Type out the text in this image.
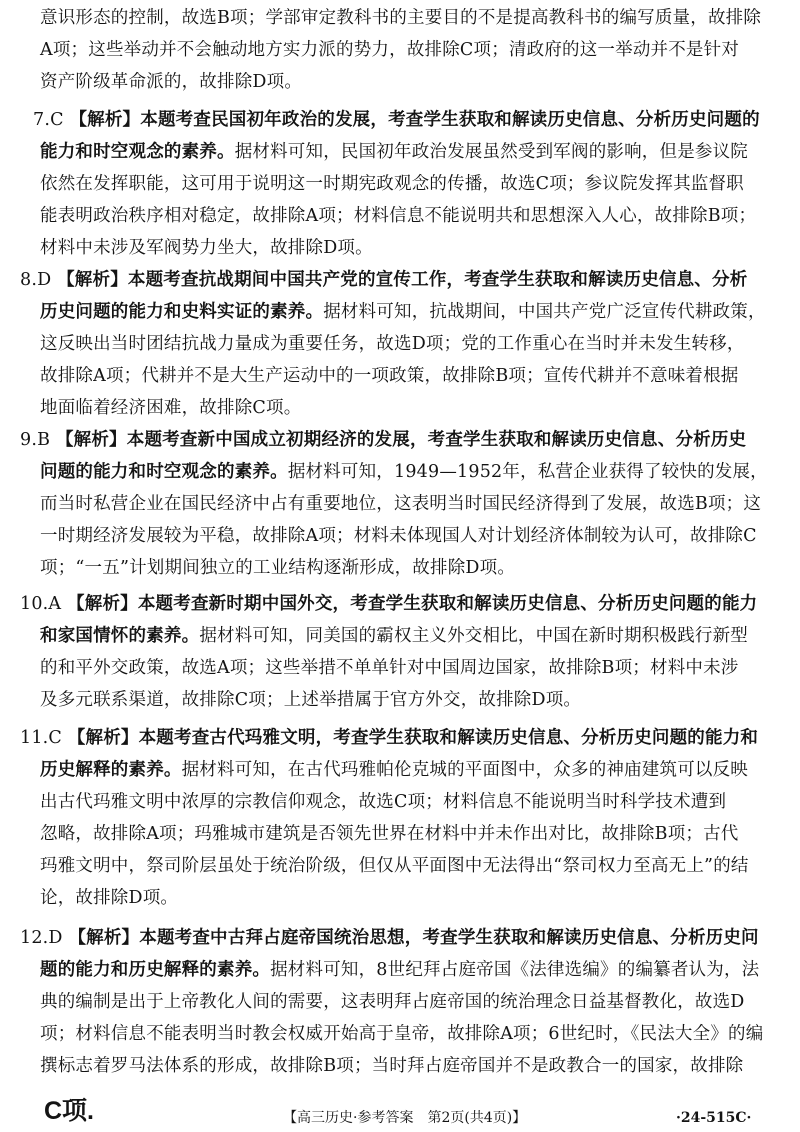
意识形态的控制，故选B项；学部审定教科书的主要目的不是提高教科书的编写质量，故排除
A项；这些举动并不会触动地方实力派的势力，故排除C项；清政府的这一举动并不是针对
资产阶级革命派的，故排除D项。
7.C 【解析】本题考查民国初年政治的发展，考查学生获取和解读历史信息、分析历史问题的
能力和时空观念的素养。据材料可知，民国初年政治发展虽然受到军阀的影响，但是参议院
依然在发挥职能，这可用于说明这一时期宪政观念的传播，故选C项；参议院发挥其监督职
能表明政治秩序相对稳定，故排除A项；材料信息不能说明共和思想深入人心，故排除B项；
材料中未涉及军阀势力坐大，故排除D项。
8.D 【解析】本题考查抗战期间中国共产党的宣传工作，考查学生获取和解读历史信息、分析
历史问题的能力和史料实证的素养。据材料可知，抗战期间，中国共产党广泛宣传代耕政策，
这反映出当时团结抗战力量成为重要任务，故选D项；党的工作重心在当时并未发生转移，
故排除A项；代耕并不是大生产运动中的一项政策，故排除B项；宣传代耕并不意味着根据
地面临着经济困难，故排除C项。
9.B 【解析】本题考查新中国成立初期经济的发展，考查学生获取和解读历史信息、分析历史
问题的能力和时空观念的素养。据材料可知，1949—1952年，私营企业获得了较快的发展，
而当时私营企业在国民经济中占有重要地位，这表明当时国民经济得到了发展，故选B项；这
一时期经济发展较为平稳，故排除A项；材料未体现国人对计划经济体制较为认可，故排除C
项；“一五”计划期间独立的工业结构逐渐形成，故排除D项。
10.A 【解析】本题考查新时期中国外交，考查学生获取和解读历史信息、分析历史问题的能力
和家国情怀的素养。据材料可知，同美国的霸权主义外交相比，中国在新时期积极践行新型
的和平外交政策，故选A项；这些举措不单单针对中国周边国家，故排除B项；材料中未涉
及多元联系渠道，故排除C项；上述举措属于官方外交，故排除D项。
11.C 【解析】本题考查古代玛雅文明，考查学生获取和解读历史信息、分析历史问题的能力和
历史解释的素养。据材料可知，在古代玛雅帕伦克城的平面图中，众多的神庙建筑可以反映
出古代玛雅文明中浓厚的宗教信仰观念，故选C项；材料信息不能说明当时科学技术遭到
忽略，故排除A项；玛雅城市建筑是否领先世界在材料中并未作出对比，故排除B项；古代
玛雅文明中，祭司阶层虽处于统治阶级，但仅从平面图中无法得出“祭司权力至高无上”的结
论，故排除D项。
12.D 【解析】本题考查中古拜占庭帝国统治思想，考查学生获取和解读历史信息、分析历史问
题的能力和历史解释的素养。据材料可知，8世纪拜占庭帝国《法律选编》的编纂者认为，法
典的编制是出于上帝教化人间的需要，这表明拜占庭帝国的统治理念日益基督教化，故选D
项；材料信息不能表明当时教会权威开始高于皇帝，故排除A项；6世纪时，《民法大全》的编
撰标志着罗马法体系的形成，故排除B项；当时拜占庭帝国并不是政教合一的国家，故排除
C项.	【高三历史·参考答案　第2页(共4页)】	·24-515C·
